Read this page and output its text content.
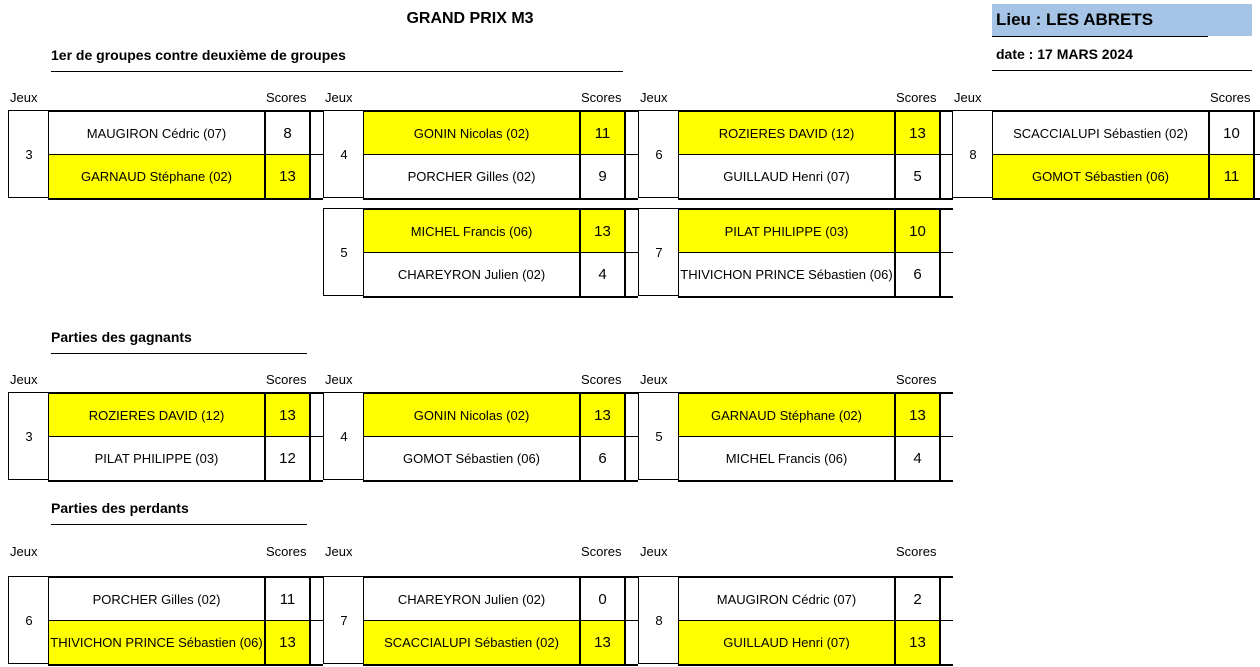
GRAND PRIX M3	Lieu : LES ABRETS
date : 17 MARS 2024
1er de groupes contre deuxième de groupes
Parties des gagnants
Parties des perdants
Jeux	Scores Jeux	Scores Jeux	Scores Jeux	Scores
Jeux	Scores Jeux	Scores Jeux	Scores
Jeux	Scores Jeux	Scores Jeux	Scores
3
MAUGIRON Cédric (07)	8
GARNAUD Stéphane (02)	13
4
GONIN Nicolas (02)	11
PORCHER Gilles (02)	9
6
ROZIERES DAVID (12)	13
GUILLAUD Henri (07)	5
8
SCACCIALUPI Sébastien (02)	10
GOMOT Sébastien (06)	11
5
MICHEL Francis (06)	13
CHAREYRON Julien (02)	4
7
PILAT PHILIPPE (03)	10
THIVICHON PRINCE Sébastien (06)	6
3
ROZIERES DAVID (12)	13
PILAT PHILIPPE (03)	12
4
GONIN Nicolas (02)	13
GOMOT Sébastien (06)	6
5
GARNAUD Stéphane (02)	13
MICHEL Francis (06)	4
6
PORCHER Gilles (02)	11
THIVICHON PRINCE Sébastien (06)	13
7
CHAREYRON Julien (02)	0
SCACCIALUPI Sébastien (02)	13
8
MAUGIRON Cédric (07)	2
GUILLAUD Henri (07)	13
